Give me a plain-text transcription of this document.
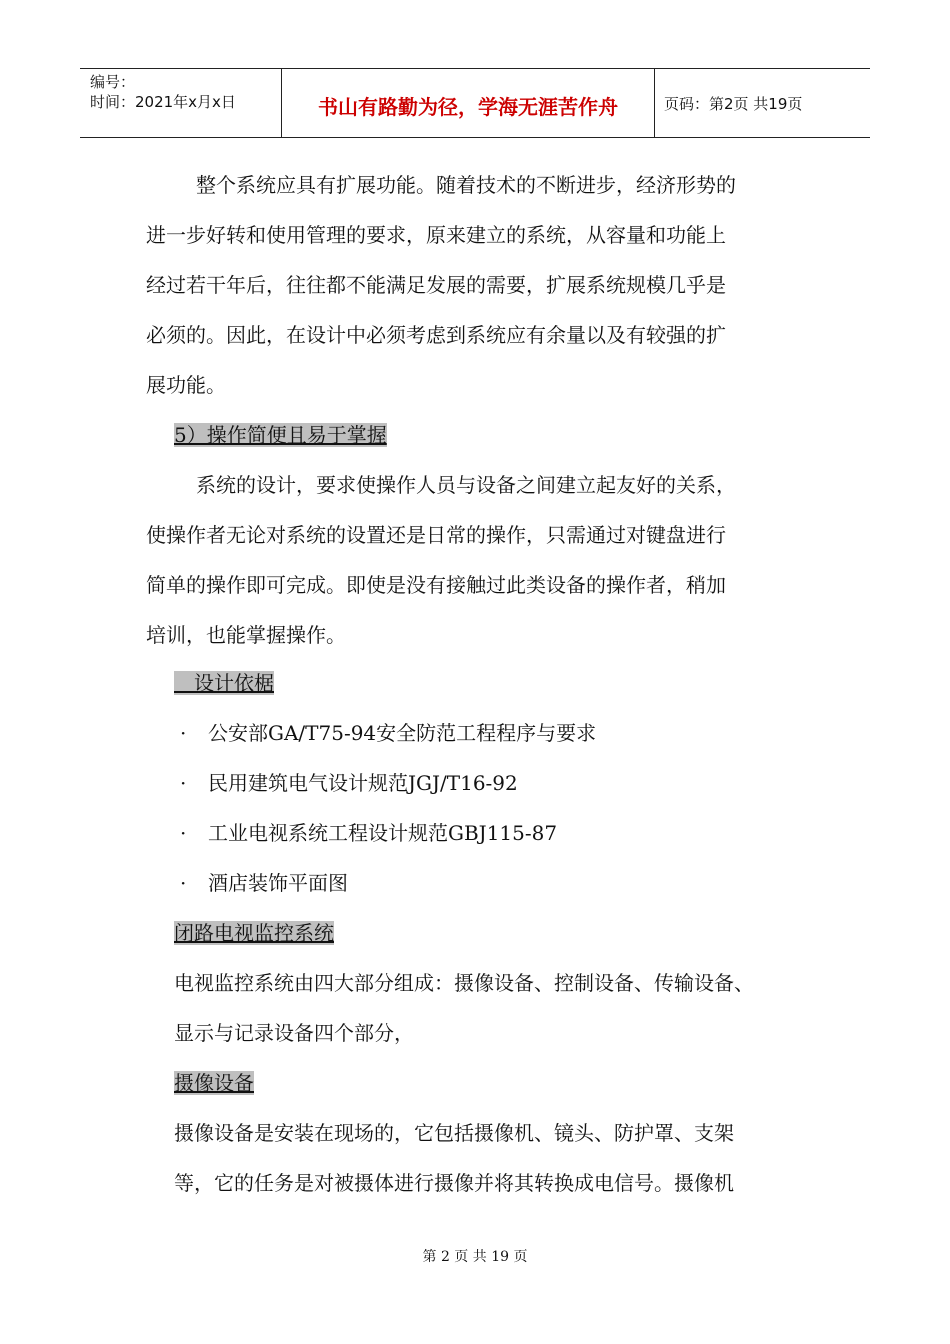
编号：
时间：2021年x月x日	书山有路勤为径，学海无涯苦作舟	页码：第2页 共19页
整个系统应具有扩展功能。随着技术的不断进步，经济形势的
进一步好转和使用管理的要求，原来建立的系统，从容量和功能上
经过若干年后，往往都不能满足发展的需要，扩展系统规模几乎是
必须的。因此，在设计中必须考虑到系统应有余量以及有较强的扩
展功能。
5）操作简便且易于掌握
系统的设计，要求使操作人员与设备之间建立起友好的关系，
使操作者无论对系统的设置还是日常的操作，只需通过对键盘进行
简单的操作即可完成。即使是没有接触过此类设备的操作者，稍加
培训，也能掌握操作。
　设计依椐
· 公安部GA/T75-94安全防范工程程序与要求
· 民用建筑电气设计规范JGJ/T16-92
· 工业电视系统工程设计规范GBJ115-87
· 酒店装饰平面图
闭路电视监控系统
电视监控系统由四大部分组成：摄像设备、控制设备、传输设备、
显示与记录设备四个部分，
摄像设备
摄像设备是安装在现场的，它包括摄像机、镜头、防护罩、支架
等，它的任务是对被摄体进行摄像并将其转换成电信号。摄像机
第 2 页 共 19 页
